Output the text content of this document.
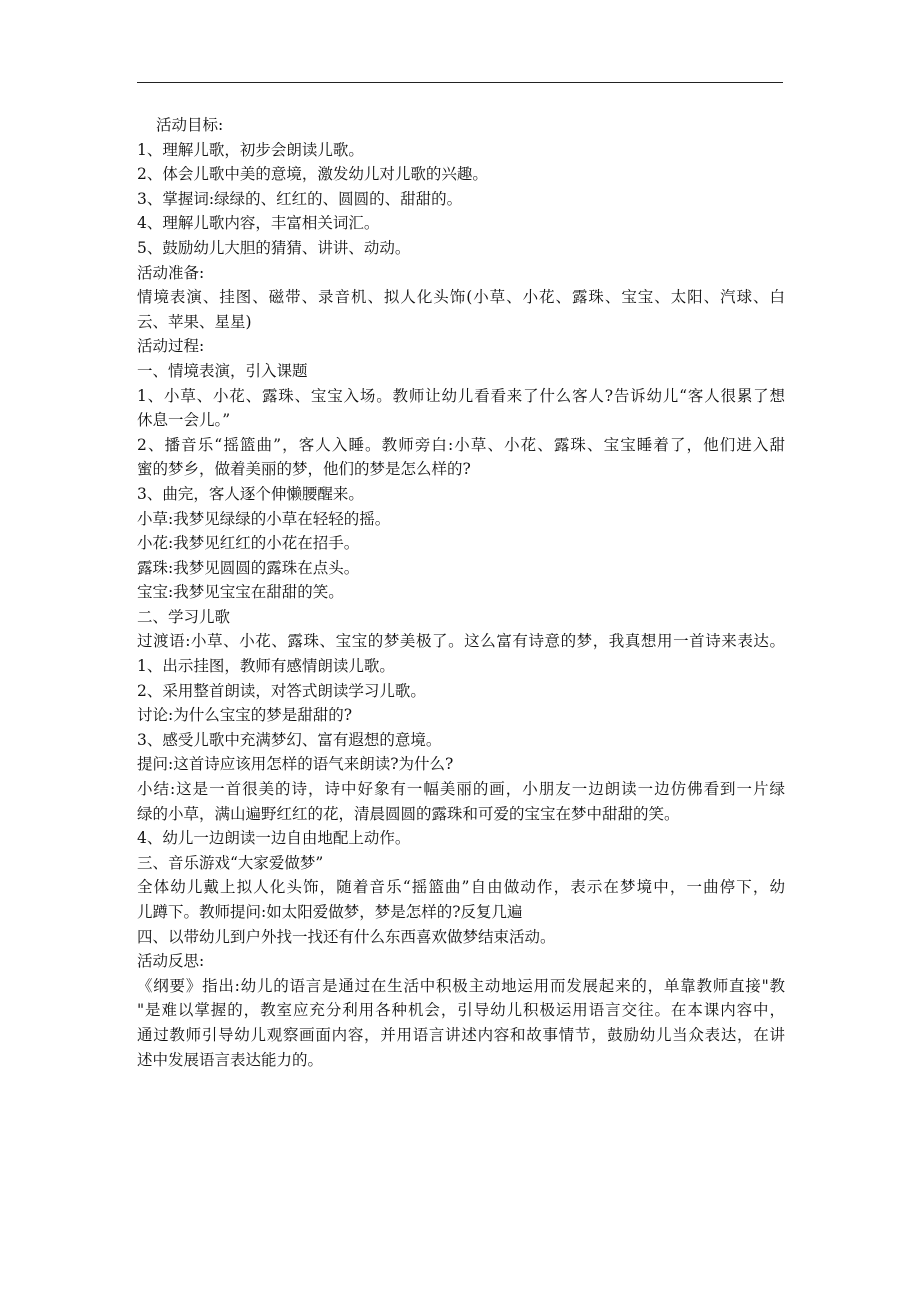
活动目标:
1、理解儿歌，初步会朗读儿歌。
2、体会儿歌中美的意境，激发幼儿对儿歌的兴趣。
3、掌握词:绿绿的、红红的、圆圆的、甜甜的。
4、理解儿歌内容，丰富相关词汇。
5、鼓励幼儿大胆的猜猜、讲讲、动动。
活动准备:
情境表演、挂图、磁带、录音机、拟人化头饰(小草、小花、露珠、宝宝、太阳、汽球、白
云、苹果、星星)
活动过程:
一、情境表演，引入课题
1、小草、小花、露珠、宝宝入场。教师让幼儿看看来了什么客人?告诉幼儿“客人很累了想
休息一会儿。”
2、播音乐“摇篮曲”，客人入睡。教师旁白:小草、小花、露珠、宝宝睡着了，他们进入甜
蜜的梦乡，做着美丽的梦，他们的梦是怎么样的?
3、曲完，客人逐个伸懒腰醒来。
小草:我梦见绿绿的小草在轻轻的摇。
小花:我梦见红红的小花在招手。
露珠:我梦见圆圆的露珠在点头。
宝宝:我梦见宝宝在甜甜的笑。
二、学习儿歌
过渡语:小草、小花、露珠、宝宝的梦美极了。这么富有诗意的梦，我真想用一首诗来表达。
1、出示挂图，教师有感情朗读儿歌。
2、采用整首朗读，对答式朗读学习儿歌。
讨论:为什么宝宝的梦是甜甜的?
3、感受儿歌中充满梦幻、富有遐想的意境。
提问:这首诗应该用怎样的语气来朗读?为什么?
小结:这是一首很美的诗，诗中好象有一幅美丽的画，小朋友一边朗读一边仿佛看到一片绿
绿的小草，满山遍野红红的花，清晨圆圆的露珠和可爱的宝宝在梦中甜甜的笑。
4、幼儿一边朗读一边自由地配上动作。
三、音乐游戏“大家爱做梦”
全体幼儿戴上拟人化头饰，随着音乐“摇篮曲”自由做动作，表示在梦境中，一曲停下，幼
儿蹲下。教师提问:如太阳爱做梦，梦是怎样的?反复几遍
四、以带幼儿到户外找一找还有什么东西喜欢做梦结束活动。
活动反思:
《纲要》指出:幼儿的语言是通过在生活中积极主动地运用而发展起来的，单靠教师直接"教
"是难以掌握的，教室应充分利用各种机会，引导幼儿积极运用语言交往。在本课内容中，
通过教师引导幼儿观察画面内容，并用语言讲述内容和故事情节，鼓励幼儿当众表达，在讲
述中发展语言表达能力的。
